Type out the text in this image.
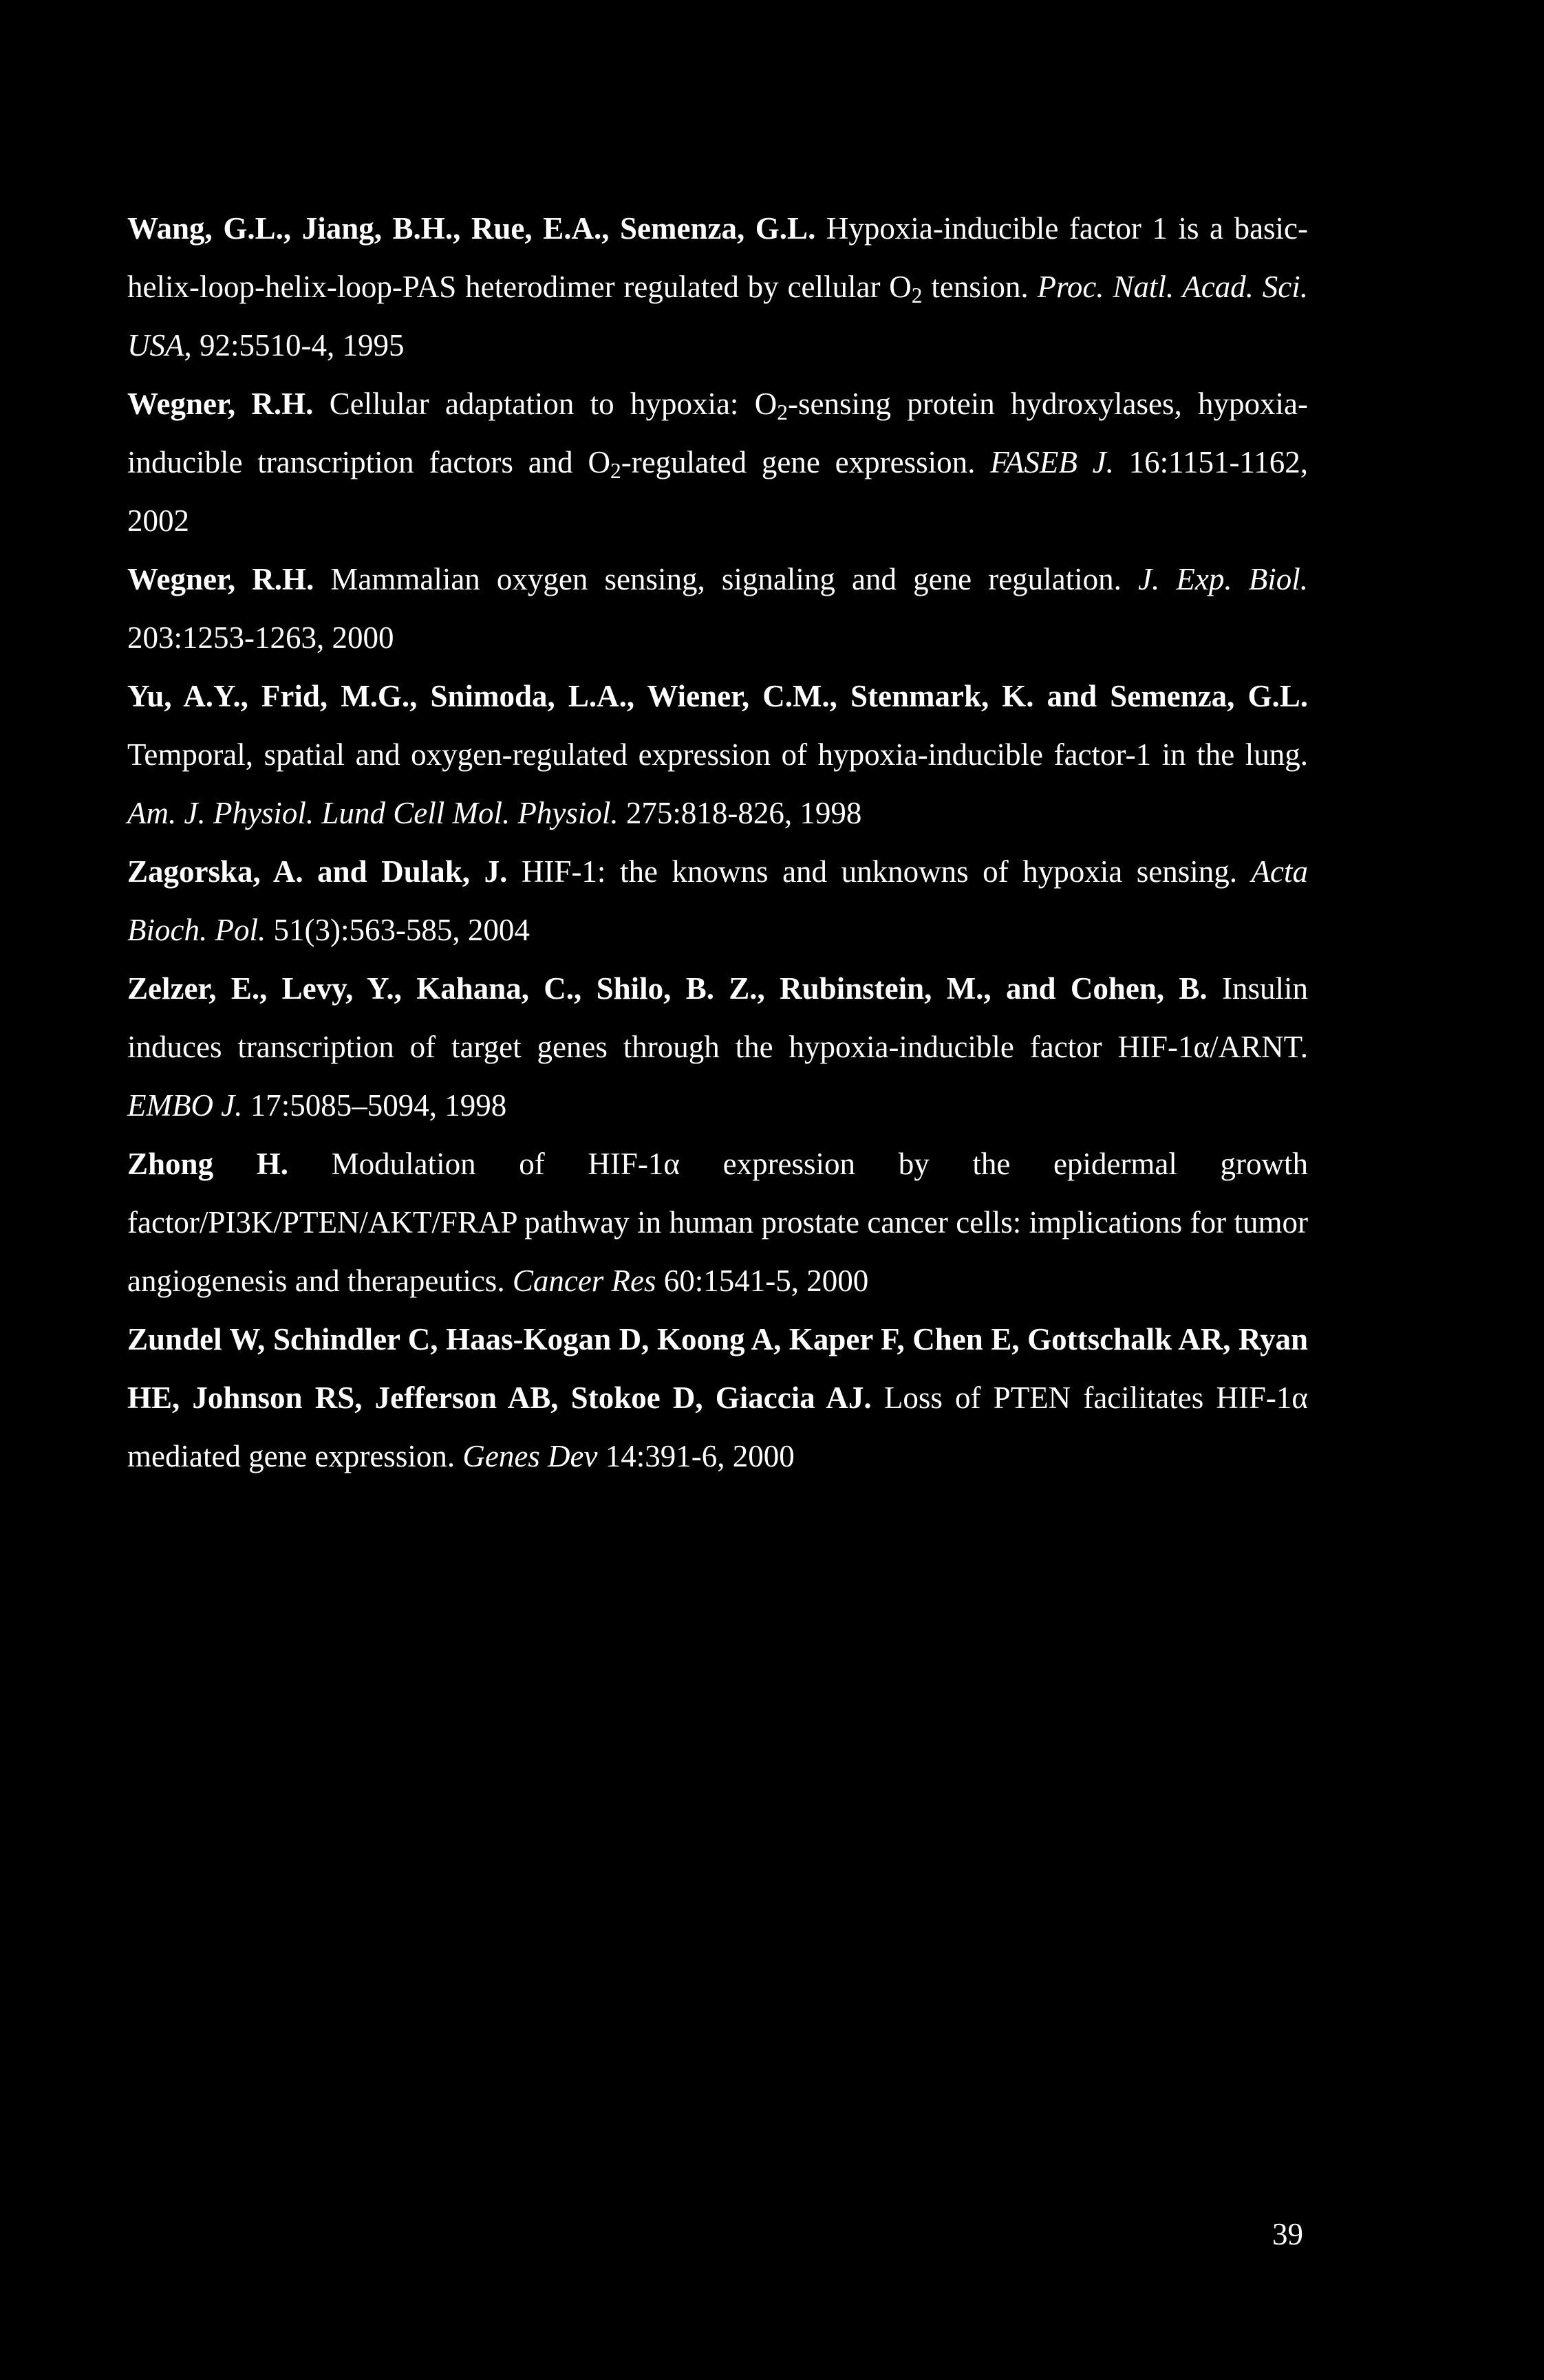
Wang, G.L., Jiang, B.H., Rue, E.A., Semenza, G.L. Hypoxia-inducible factor 1 is a basic-helix-loop-helix-loop-PAS heterodimer regulated by cellular $O_2$ tension. Proc. Natl. Acad. Sci. USA, 92:5510-4, 1995

Wegner, R.H. Cellular adaptation to hypoxia: $O_2$-sensing protein hydroxylases, hypoxia-inducible transcription factors and $O_2$-regulated gene expression. FASEB J. 16:1151-1162, 2002

Wegner, R.H. Mammalian oxygen sensing, signaling and gene regulation. J. Exp. Biol. 203:1253-1263, 2000

Yu, A.Y., Frid, M.G., Snimoda, L.A., Wiener, C.M., Stenmark, K. and Semenza, G.L. Temporal, spatial and oxygen-regulated expression of hypoxia-inducible factor-1 in the lung. Am. J. Physiol. Lund Cell Mol. Physiol. 275:818-826, 1998

Zagorska, A. and Dulak, J. HIF-1: the knowns and unknowns of hypoxia sensing. Acta Bioch. Pol. 51(3):563-585, 2004

Zelzer, E., Levy, Y., Kahana, C., Shilo, B. Z., Rubinstein, M., and Cohen, B. Insulin induces transcription of target genes through the hypoxia-inducible factor HIF-1α/ARNT. EMBO J. 17:5085–5094, 1998

Zhong H. Modulation of HIF-1α expression by the epidermal growth factor/PI3K/PTEN/AKT/FRAP pathway in human prostate cancer cells: implications for tumor angiogenesis and therapeutics. Cancer Res 60:1541-5, 2000

Zundel W, Schindler C, Haas-Kogan D, Koong A, Kaper F, Chen E, Gottschalk AR, Ryan HE, Johnson RS, Jefferson AB, Stokoe D, Giaccia AJ. Loss of PTEN facilitates HIF-1α mediated gene expression. Genes Dev 14:391-6, 2000

39
